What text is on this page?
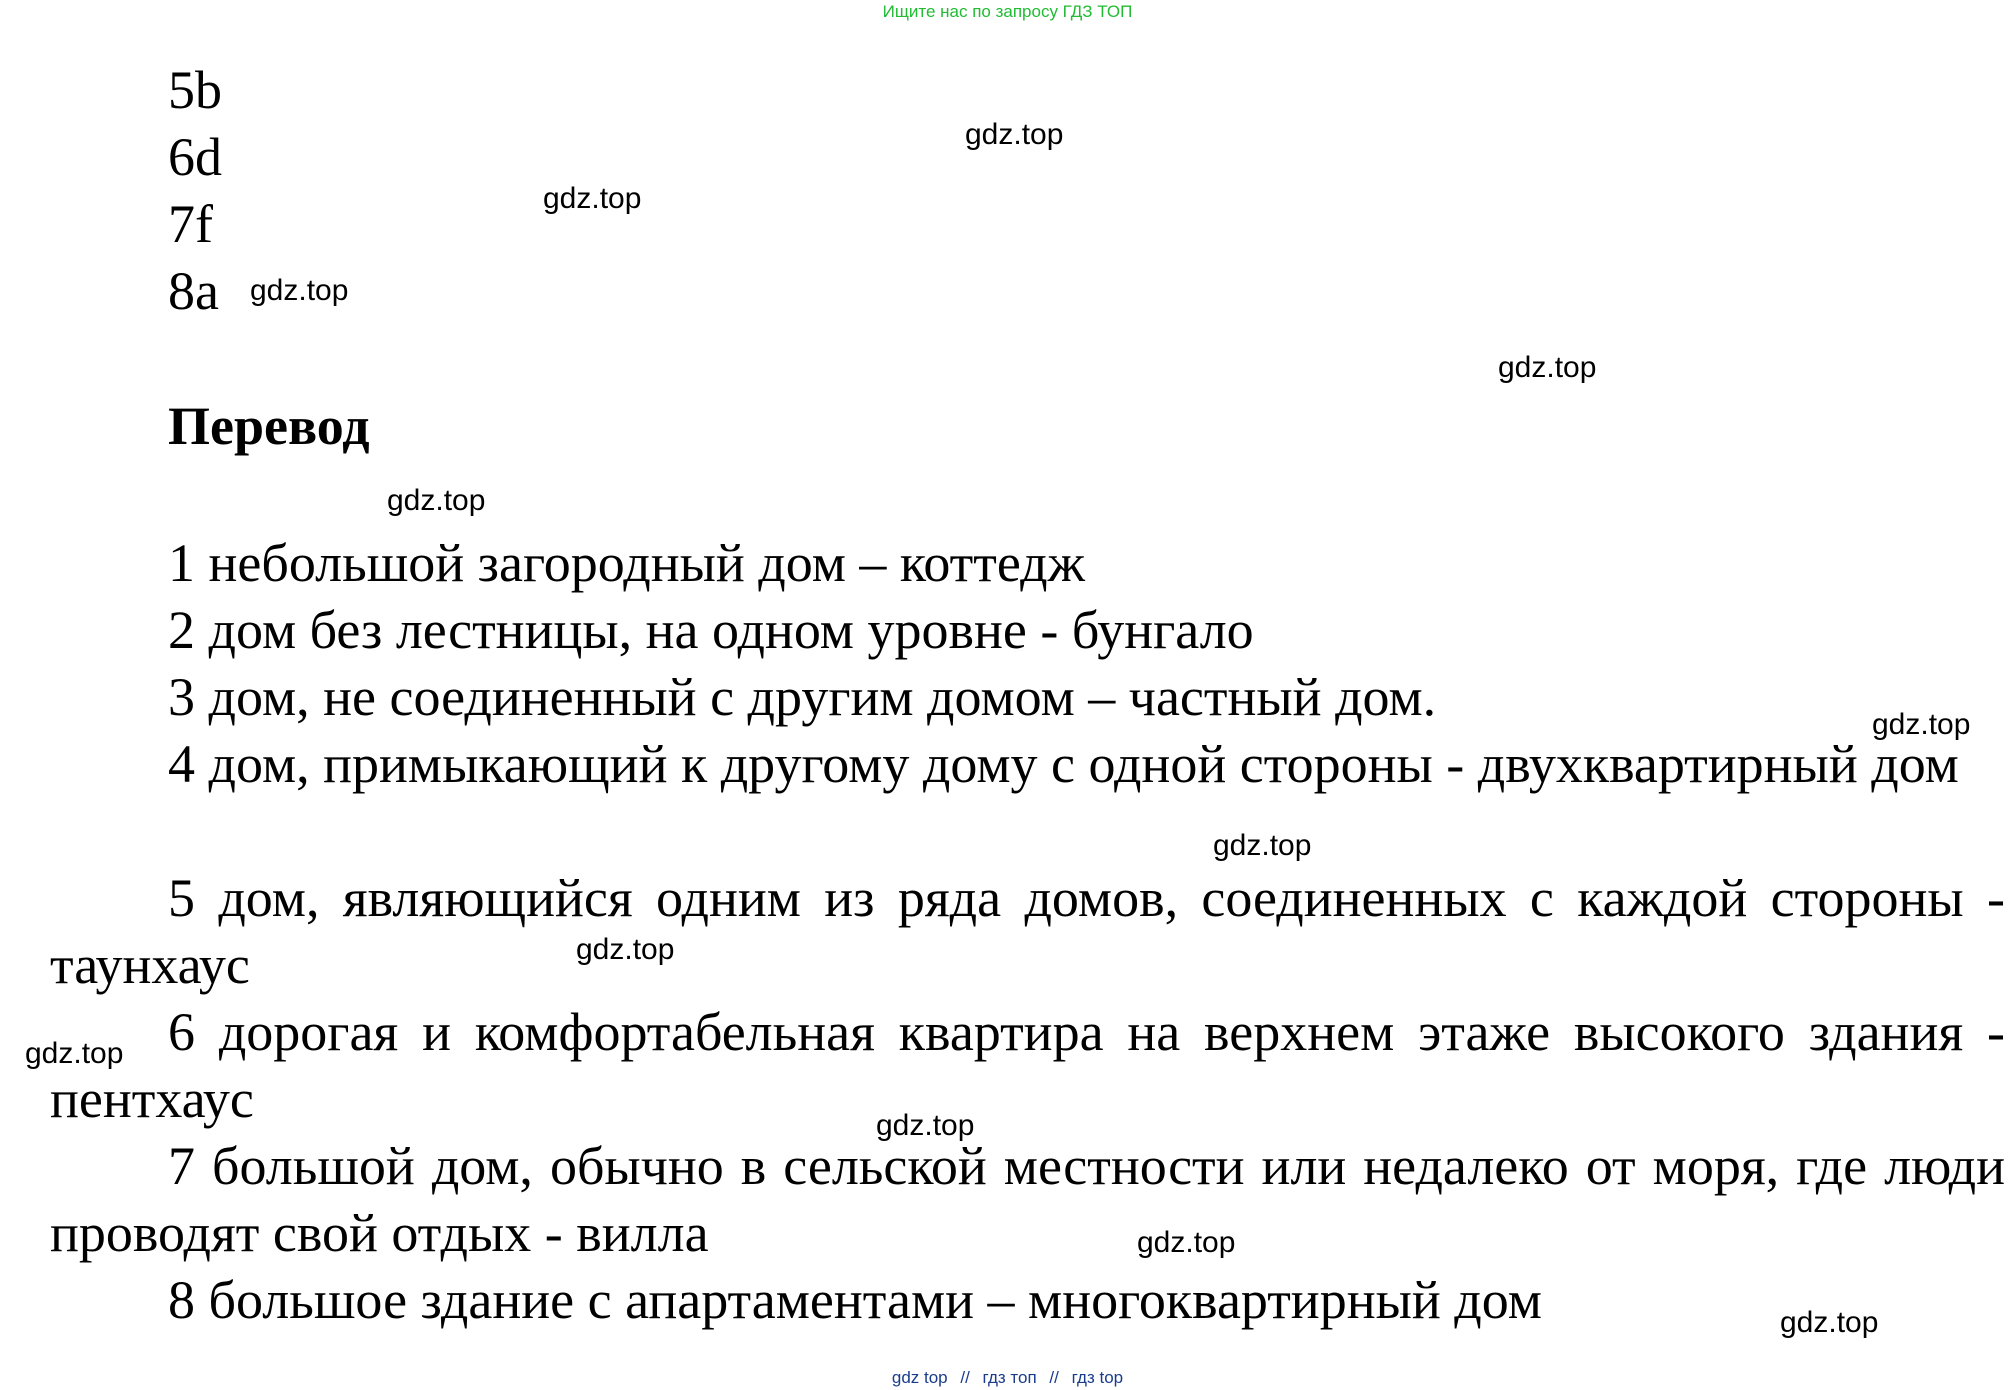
Ищите нас по запросу ГДЗ ТОП
5b
6d
7f
8a
Перевод

1 небольшой загородный дом – коттедж

2 дом без лестницы, на одном уровне - бунгало

3 дом, не соединенный с другим домом – частный дом.

4 дом, примыкающий к другому дому с одной стороны - двухквартирный дом

5 дом, являющийся одним из ряда домов, соединенных с каждой стороны - таунхаус

6 дорогая и комфортабельная квартира на верхнем этаже высокого здания - пентхаус

7 большой дом, обычно в сельской местности или недалеко от моря, где люди проводят свой отдых - вилла

8 большое здание с апартаментами – многоквартирный дом

gdz.top
gdz.top
gdz.top
gdz.top
gdz.top
gdz.top
gdz.top
gdz.top
gdz.top
gdz.top
gdz.top
gdz.top
gdz top // гдз топ // гдз top
